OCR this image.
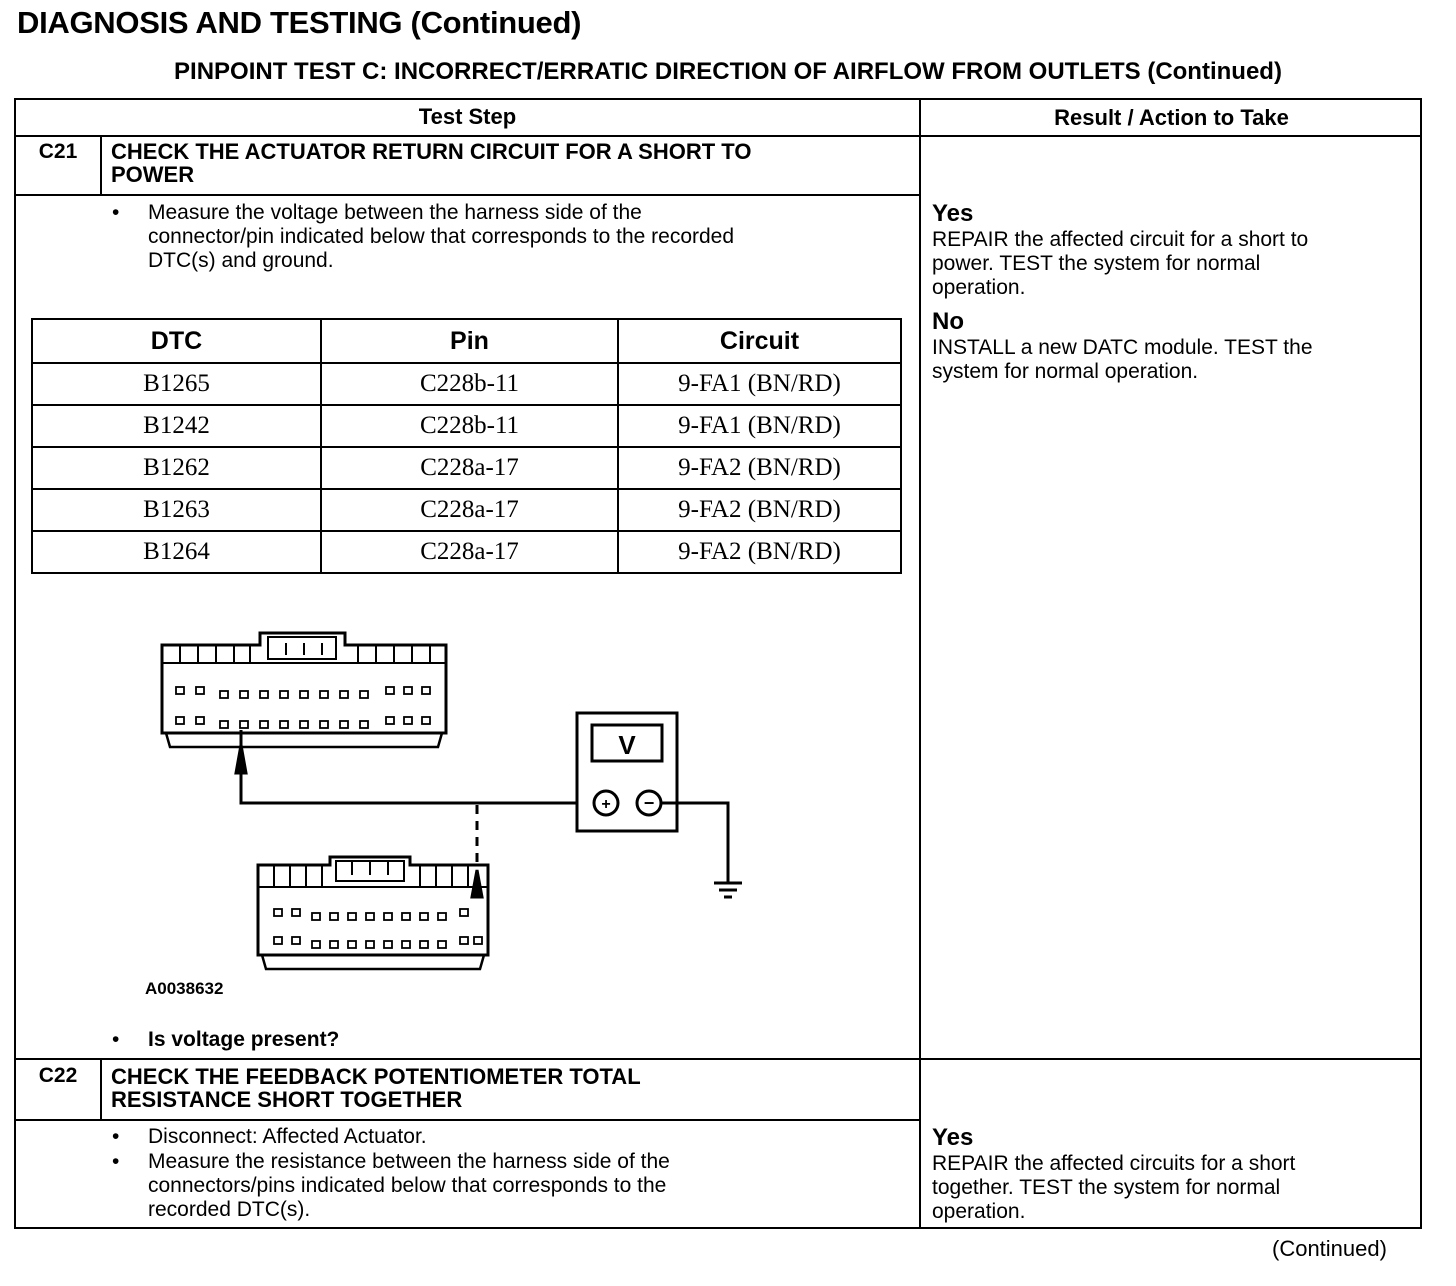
DIAGNOSIS AND TESTING (Continued)
PINPOINT TEST C: INCORRECT/ERRATIC DIRECTION OF AIRFLOW FROM OUTLETS (Continued)
Test Step	Result / Action to Take
C21	CHECK THE ACTUATOR RETURN CIRCUIT FOR A SHORT TO
POWER
• Measure the voltage between the harness side of the
connector/pin indicated below that corresponds to the recorded
DTC(s) and ground.
DTC	Pin	Circuit
B1265	C228b-11	9-FA1 (BN/RD)
B1242	C228b-11	9-FA1 (BN/RD)
B1262	C228a-17	9-FA2 (BN/RD)
B1263	C228a-17	9-FA2 (BN/RD)
B1264	C228a-17	9-FA2 (BN/RD)
V
+ −
A0038632
• Is voltage present?
Yes
REPAIR the affected circuit for a short to
power. TEST the system for normal
operation.
No
INSTALL a new DATC module. TEST the
system for normal operation.
C22	CHECK THE FEEDBACK POTENTIOMETER TOTAL
RESISTANCE SHORT TOGETHER
• Disconnect: Affected Actuator.
• Measure the resistance between the harness side of the
connectors/pins indicated below that corresponds to the
recorded DTC(s).
Yes
REPAIR the affected circuits for a short
together. TEST the system for normal
operation.
(Continued)
